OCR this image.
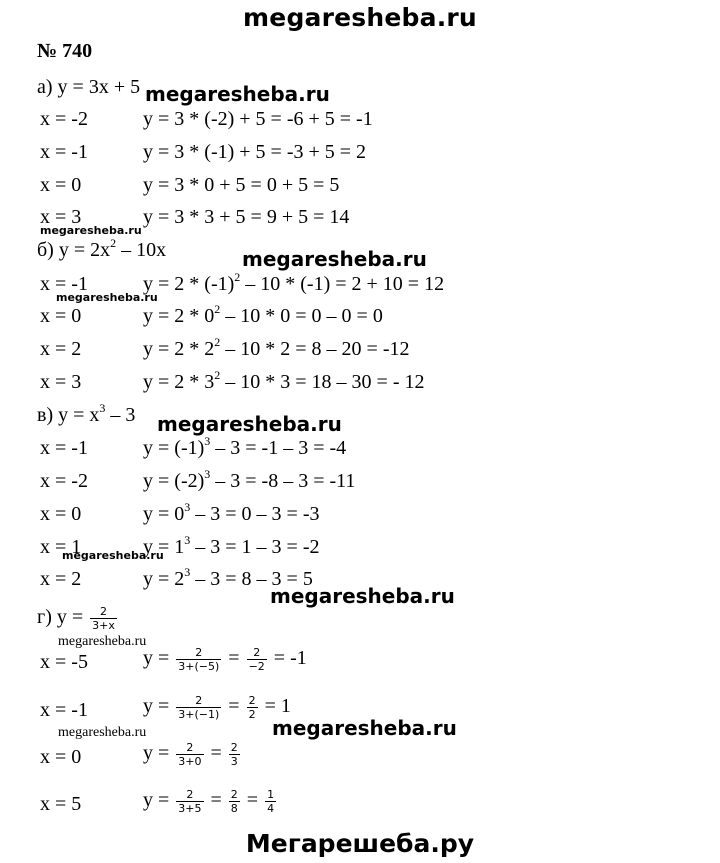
megaresheba.ru
№ 740
а) y = 3x + 5
x = -2	y = 3 * (-2) + 5 = -6 + 5 = -1
x = -1	y = 3 * (-1) + 5 = -3 + 5 = 2
x = 0	y = 3 * 0 + 5 = 0 + 5 = 5
x = 3	y = 3 * 3 + 5 = 9 + 5 = 14
б) $y = 2x^2 - 10x$
x = -1	$y = 2 * (-1)^2 - 10 * (-1) = 2 + 10 = 12$
x = 0	$y = 2 * 0^2 - 10 * 0 = 0 - 0 = 0$
x = 2	$y = 2 * 2^2 - 10 * 2 = 8 - 20 = -12$
x = 3	$y = 2 * 3^2 - 10 * 3 = 18 - 30$ = - 12
в) $y = x^3 - 3$
x = -1	$y = (-1)^3 - 3 = -1 - 3 = -4$
x = -2	$y = (-2)^3 - 3 = -8 - 3 = -11$
x = 0	$y = 0^3 - 3 = 0 - 3 = -3$
x = 1	$y = 1^3 - 3 = 1 - 3 = -2$
x = 2	$y = 2^3 - 3 = 8 - 3 = 5$
г) $y = \frac{2}{3+x}$
x = -5	$y = \frac{2}{3+(-5)} = \frac{2}{-2} = -1$
x = -1	$y = \frac{2}{3+(-1)} = \frac{2}{2} = 1$
x = 0	$y = \frac{2}{3+0} = \frac{2}{3}$
x = 5	$y = \frac{2}{3+5} = \frac{2}{8} = \frac{1}{4}$
megaresheba.ru
megaresheba.ru
megaresheba.ru
megaresheba.ru
megaresheba.ru
megaresheba.ru
megaresheba.ru
megaresheba.ru
megaresheba.ru
megaresheba.ru
Мегарешеба.ру
